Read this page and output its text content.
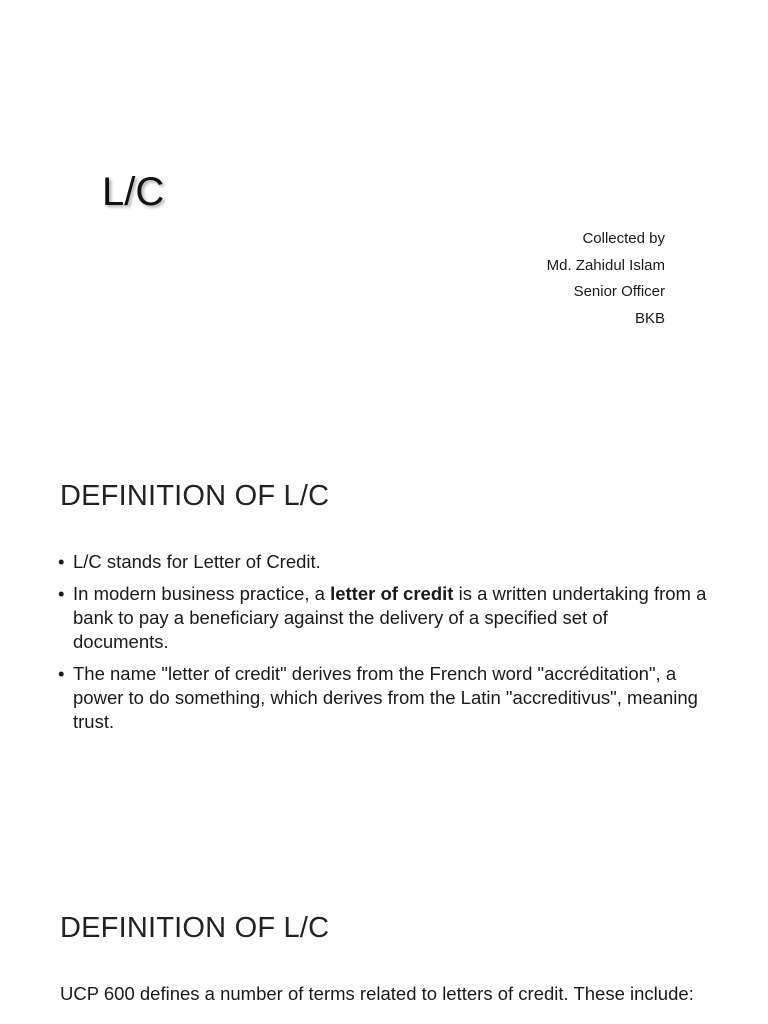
L/C
Collected by
Md. Zahidul Islam
Senior Officer
BKB
DEFINITION OF L/C
• L/C stands for Letter of Credit.
• In modern business practice, a letter of credit is a written undertaking from a bank to pay a beneficiary against the delivery of a specified set of documents.
• The name "letter of credit" derives from the French word "accréditation", a power to do something, which derives from the Latin "accreditivus", meaning trust.
DEFINITION OF L/C
UCP 600 defines a number of terms related to letters of credit. These include:
